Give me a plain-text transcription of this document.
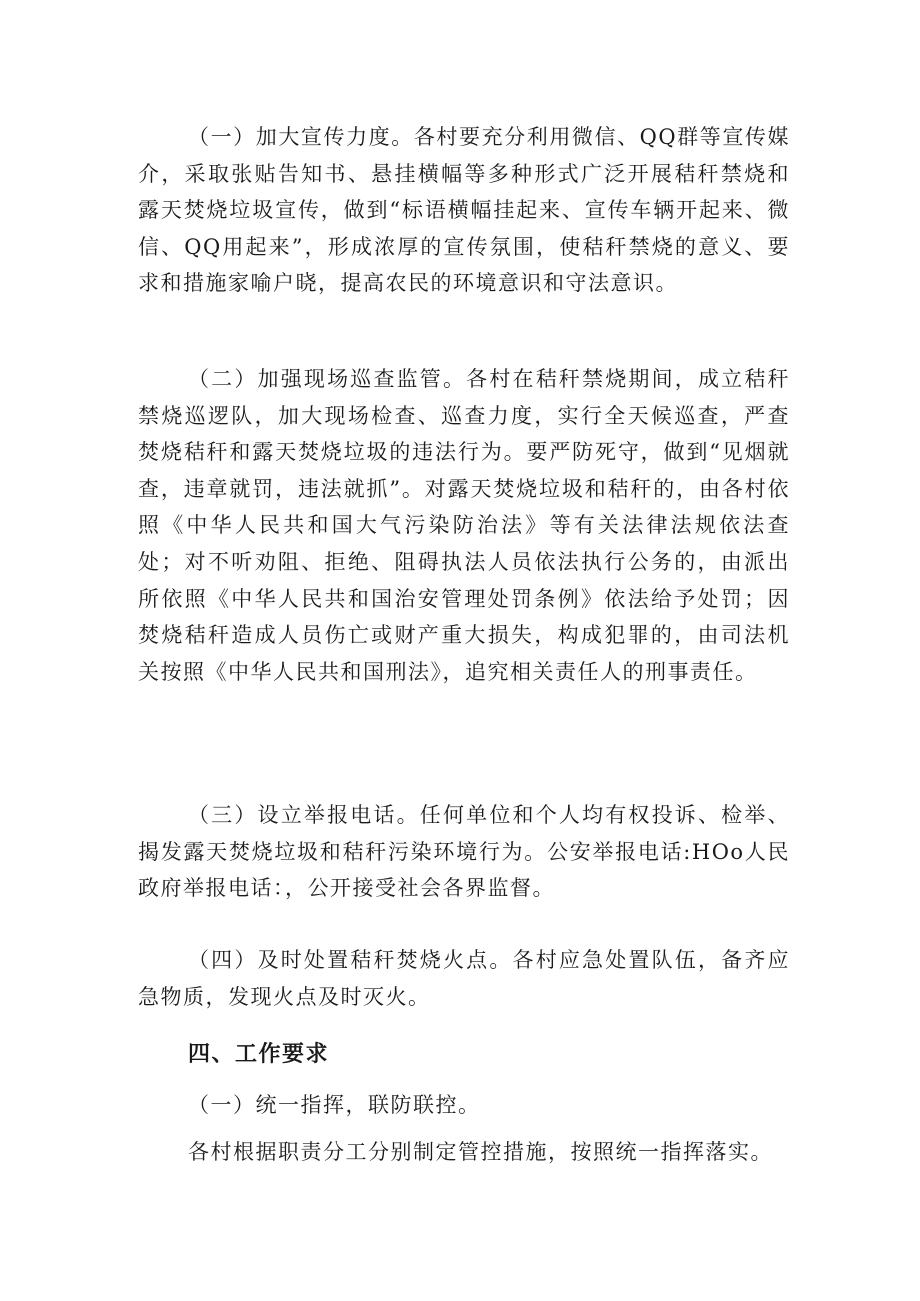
（一）加大宣传力度。各村要充分利用微信、QQ群等宣传媒介，采取张贴告知书、悬挂横幅等多种形式广泛开展秸秆禁烧和露天焚烧垃圾宣传，做到“标语横幅挂起来、宣传车辆开起来、微信、QQ用起来”，形成浓厚的宣传氛围，使秸秆禁烧的意义、要求和措施家喻户晓，提高农民的环境意识和守法意识。

（二）加强现场巡查监管。各村在秸秆禁烧期间，成立秸秆禁烧巡逻队，加大现场检查、巡查力度，实行全天候巡查，严查焚烧秸秆和露天焚烧垃圾的违法行为。要严防死守，做到“见烟就查，违章就罚，违法就抓”。对露天焚烧垃圾和秸秆的，由各村依照《中华人民共和国大气污染防治法》等有关法律法规依法查处；对不听劝阻、拒绝、阻碍执法人员依法执行公务的，由派出所依照《中华人民共和国治安管理处罚条例》依法给予处罚；因焚烧秸秆造成人员伤亡或财产重大损失，构成犯罪的，由司法机关按照《中华人民共和国刑法》，追究相关责任人的刑事责任。

（三）设立举报电话。任何单位和个人均有权投诉、检举、揭发露天焚烧垃圾和秸秆污染环境行为。公安举报电话:HOo人民政府举报电话：，公开接受社会各界监督。

（四）及时处置秸秆焚烧火点。各村应急处置队伍，备齐应急物质，发现火点及时灭火。

四、工作要求

（一）统一指挥，联防联控。

各村根据职责分工分别制定管控措施，按照统一指挥落实。
